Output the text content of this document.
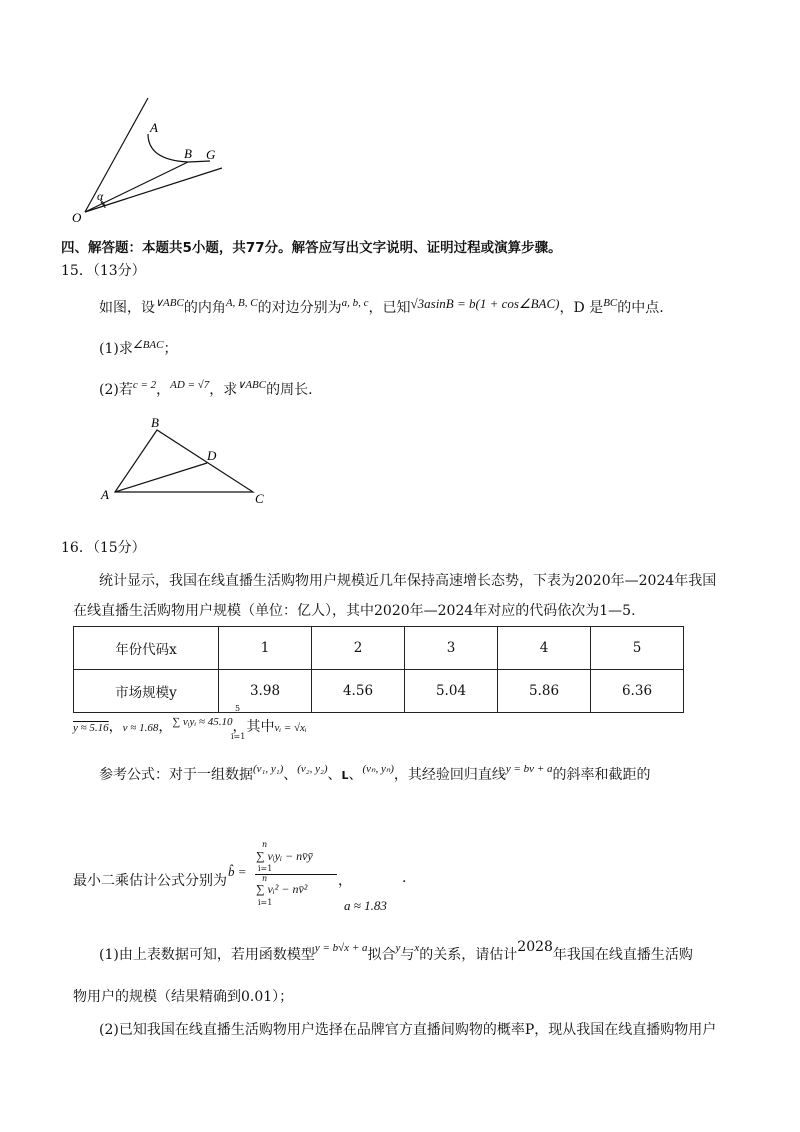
A
B G
O
α
四、解答题：本题共5小题，共77分。解答应写出文字说明、证明过程或演算步骤。
15．（13分）
如图，设$^{\vee ABC}$的内角$^{A, B, C}$的对边分别为$^{a, b, c}$，已知√3asinB = b(1 + cos∠BAC)，D 是$^{BC}$的中点.
(1)求$^{\angle BAC}$；
(2)若$^{c = 2}$，$^{AD = √7}$，求$^{\vee ABC}$的周长.
B
D
A	C
16．（15分）
统计显示，我国在线直播生活购物用户规模近几年保持高速增长态势，下表为2020年—2024年我国
在线直播生活购物用户规模（单位：亿人），其中2020年—2024年对应的代码依次为1—5.
年份代码x	1	2	3	4	5
市场规模y	3.98	4.56	5.04	5.86	6.36
y ≈ 5.16，v ≈ 1.68，$^{\sum vᵢyᵢ \approx 45.10}$，其中vᵢ = √xᵢ
5
i=1
参考公式：对于一组数据$^{(v_1, y_1)}$、$^{(v_2, y_2)}$、L、$^{(v_n, y_n)}$，其经验回归直线$^{y = bv + a}$的斜率和截距的
最小二乘估计公式分别为
b̂ =
n
∑ vᵢyᵢ − nv̄ȳ
i=1
n
∑ vᵢ² − nv̄²
i=1
，
a ≈ 1.83
.
(1)由上表数据可知，若用函数模型$^{y = b√x + a}$拟合$^y$与$^x$的关系，请估计2028年我国在线直播生活购
物用户的规模（结果精确到0.01）；
(2)已知我国在线直播生活购物用户选择在品牌官方直播间购物的概率P，现从我国在线直播购物用户
